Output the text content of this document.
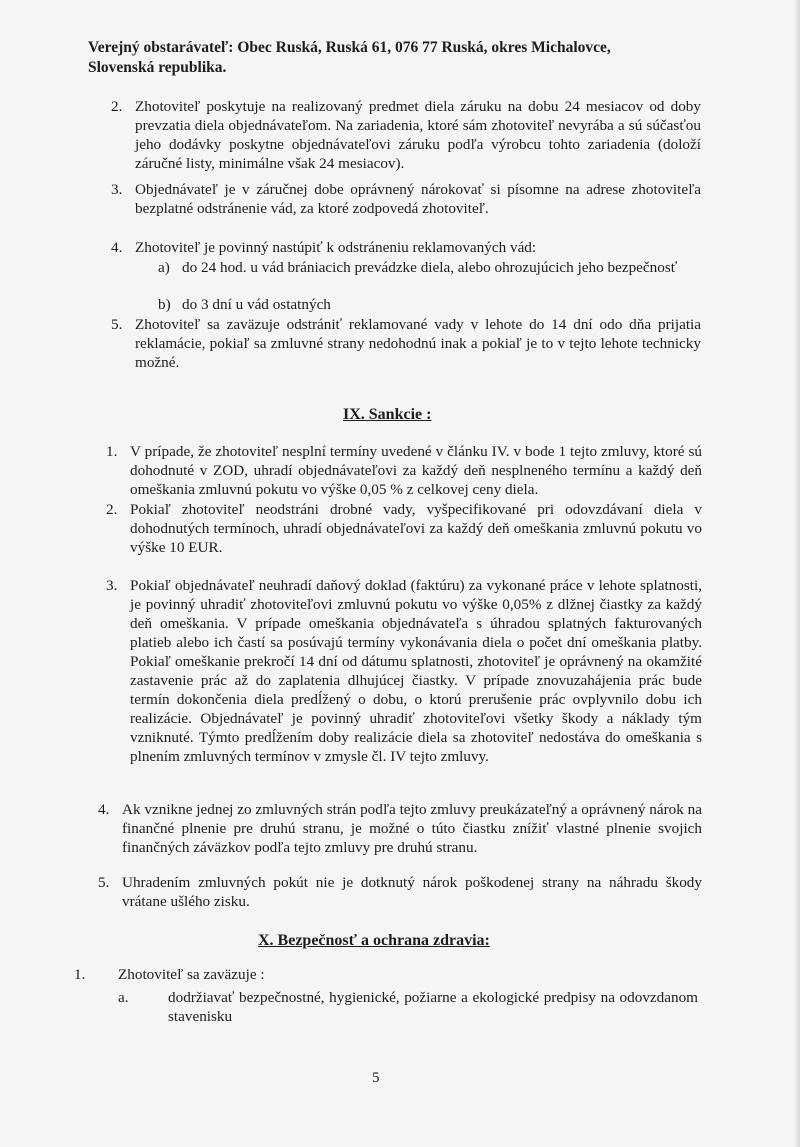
Verejný obstarávateľ: Obec Ruská, Ruská 61, 076 77 Ruská, okres Michalovce,
Slovenská republika.
2. Zhotoviteľ poskytuje na realizovaný predmet diela záruku na dobu 24 mesiacov od doby prevzatia diela objednávateľom. Na zariadenia, ktoré sám zhotoviteľ nevyrába a sú súčasťou jeho dodávky poskytne objednávateľovi záruku podľa výrobcu tohto zariadenia (doloží záručné listy, minimálne však 24 mesiacov).
3. Objednávateľ je v záručnej dobe oprávnený nárokovať si písomne na adrese zhotoviteľa bezplatné odstránenie vád, za ktoré zodpovedá zhotoviteľ.
4. Zhotoviteľ je povinný nastúpiť k odstráneniu reklamovaných vád:
a) do 24 hod. u vád brániacich prevádzke diela, alebo ohrozujúcich jeho bezpečnosť
b) do 3 dní u vád ostatných
5. Zhotoviteľ sa zaväzuje odstrániť reklamované vady v lehote do 14 dní odo dňa prijatia reklamácie, pokiaľ sa zmluvné strany nedohodnú inak a pokiaľ je to v tejto lehote technicky možné.
IX. Sankcie :
1. V prípade, že zhotoviteľ nesplní termíny uvedené v článku IV. v bode 1 tejto zmluvy, ktoré sú dohodnuté v ZOD, uhradí objednávateľovi za každý deň nesplneného termínu a každý deň omeškania zmluvnú pokutu vo výške 0,05 % z celkovej ceny diela.
2. Pokiaľ zhotoviteľ neodstráni drobné vady, vyšpecifikované pri odovzdávaní diela v dohodnutých termínoch, uhradí objednávateľovi za každý deň omeškania zmluvnú pokutu vo výške 10 EUR.
3. Pokiaľ objednávateľ neuhradí daňový doklad (faktúru) za vykonané práce v lehote splatnosti, je povinný uhradiť zhotoviteľovi zmluvnú pokutu vo výške 0,05% z dlžnej čiastky za každý deň omeškania. V prípade omeškania objednávateľa s úhradou splatných fakturovaných platieb alebo ich častí sa posúvajú termíny vykonávania diela o počet dní omeškania platby. Pokiaľ omeškanie prekročí 14 dní od dátumu splatnosti, zhotoviteľ je oprávnený na okamžité zastavenie prác až do zaplatenia dlhujúcej čiastky. V prípade znovuzahájenia prác bude termín dokončenia diela predĺžený o dobu, o ktorú prerušenie prác ovplyvnilo dobu ich realizácie. Objednávateľ je povinný uhradiť zhotoviteľovi všetky škody a náklady tým vzniknuté. Týmto predĺžením doby realizácie diela sa zhotoviteľ nedostáva do omeškania s plnením zmluvných termínov v zmysle čl. IV tejto zmluvy.
4. Ak vznikne jednej zo zmluvných strán podľa tejto zmluvy preukázateľný a oprávnený nárok na finančné plnenie pre druhú stranu, je možné o túto čiastku znížiť vlastné plnenie svojich finančných záväzkov podľa tejto zmluvy pre druhú stranu.
5. Uhradením zmluvných pokút nie je dotknutý nárok poškodenej strany na náhradu škody vrátane ušlého zisku.
X. Bezpečnosť a ochrana zdravia:
1. Zhotoviteľ sa zaväzuje :
a.	dodržiavať bezpečnostné, hygienické, požiarne a ekologické predpisy na odovzdanom stavenisku
5
